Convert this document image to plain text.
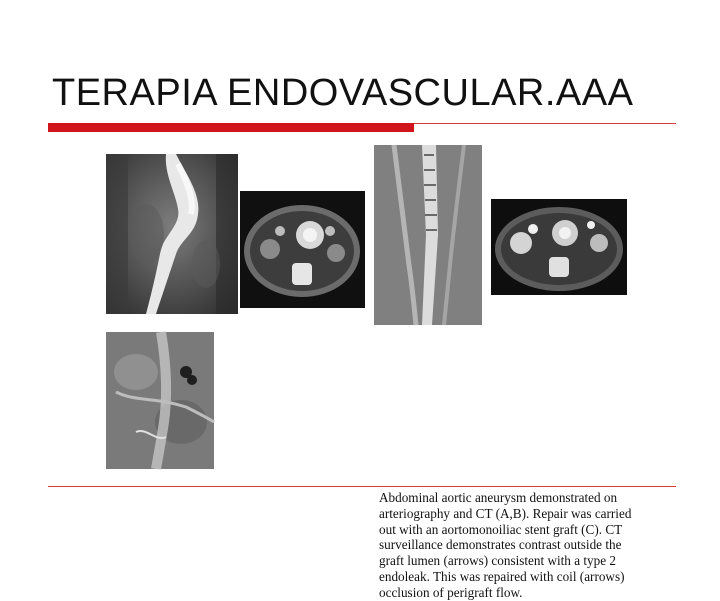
TERAPIA ENDOVASCULAR.AAA

Abdominal aortic aneurysm demonstrated on
arteriography and CT (A,B). Repair was carried
out with an aortomonoiliac stent graft (C). CT
surveillance demonstrates contrast outside the
graft lumen (arrows) consistent with a type 2
endoleak. This was repaired with coil (arrows)
occlusion of perigraft flow.
